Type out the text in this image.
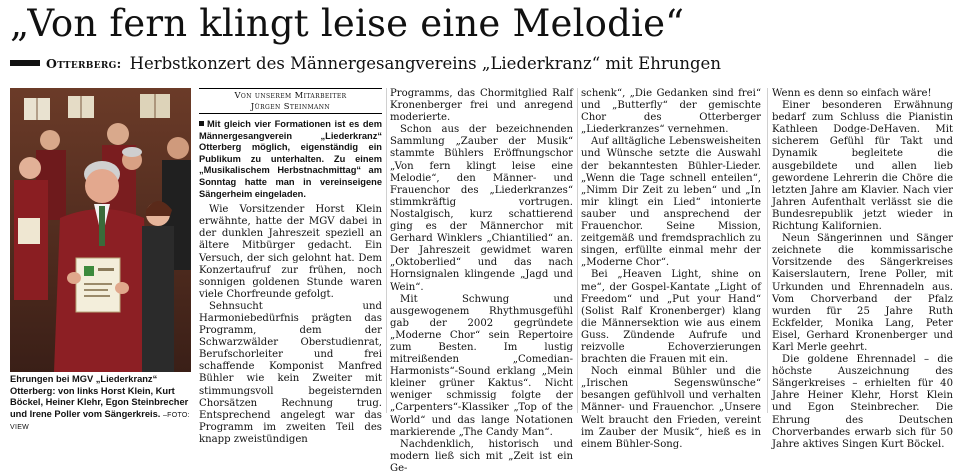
„Von fern klingt leise eine Melodie“
Otterberg: Herbstkonzert des Männergesangvereins „Liederkranz“ mit Ehrungen
Ehrungen bei MGV „Liederkranz“ Otterberg: von links Horst Klein, Kurt Böckel, Heiner Klehr, Egon Steinbrecher und Irene Poller vom Sängerkreis. –FOTO: VIEW
Von unserem Mitarbeiter
Jürgen Steinmann
Mit gleich vier Formationen ist es dem Männergesangverein „Liederkranz“ Otterberg möglich, eigenständig ein Publikum zu unterhalten. Zu einem „Musikalischem Herbstnachmittag“ am Sonntag hatte man in vereinseigene Sängerheim eingeladen.

Wie Vorsitzender Horst Klein erwähnte, hatte der MGV dabei in der dunklen Jahreszeit speziell an ältere Mitbürger gedacht. Ein Versuch, der sich gelohnt hat. Dem Konzertaufruf zur frühen, noch sonnigen goldenen Stunde waren viele Chorfreunde gefolgt.

Sehnsucht und Harmoniebedürfnis prägten das Programm, dem der Schwarzwälder Oberstudienrat, Berufschorleiter und frei schaffende Komponist Manfred Bühler wie kein Zweiter mit stimmungsvoll begeisternden Chorsätzen Rechnung trug. Entsprechend angelegt war das Programm im zweiten Teil des knapp zweistündigen

Programms, das Chormitglied Ralf Kronenberger frei und anregend moderierte.

Schon aus der bezeichnenden Sammlung „Zauber der Musik“ stammte Bühlers Eröffnungschor „Von fern klingt leise eine Melodie“, den Männer- und Frauenchor des „Liederkranzes“ stimmkräftig vortrugen. Nostalgisch, kurz schattierend ging es der Männerchor mit Gerhard Winklers „Chiantilied“ an. Der Jahreszeit gewidmet waren „Oktoberlied“ und das nach Hornsignalen klingende „Jagd und Wein“.

Mit Schwung und ausgewogenem Rhythmusgefühl gab der 2002 gegründete „Moderne Chor“ sein Repertoire zum Besten. Im lustig mitreißenden „Comedian-Harmonists“-Sound erklang „Mein kleiner grüner Kaktus“. Nicht weniger schmissig folgte der „Carpenters“-Klassiker „Top of the World“ und das lange Notationen markierende „The Candy Man“.

Nachdenklich, historisch und modern ließ sich mit „Zeit ist ein Ge-

schenk“, „Die Gedanken sind frei“ und „Butterfly“ der gemischte Chor des Otterberger „Liederkranzes“ vernehmen.

Auf alltägliche Lebensweisheiten und Wünsche setzte die Auswahl der bekanntesten Bühler-Lieder. „Wenn die Tage schnell enteilen“, „Nimm Dir Zeit zu leben“ und „In mir klingt ein Lied“ intonierte sauber und ansprechend der Frauenchor. Seine Mission, zeitgemäß und fremdsprachlich zu singen, erfüllte einmal mehr der „Moderne Chor“.

Bei „Heaven Light, shine on me“, der Gospel-Kantate „Light of Freedom“ und „Put your Hand“ (Solist Ralf Kronenberger) klang die Männersektion wie aus einem Guss. Zündende Aufrufe und reizvolle Echoverzierungen brachten die Frauen mit ein.

Noch einmal Bühler und die „Irischen Segenswünsche“ besangen gefühlvoll und verhalten Männer- und Frauenchor. „Unsere Welt braucht den Frieden, vereint im Zauber der Musik“, hieß es in einem Bühler-Song.

Wenn es denn so einfach wäre!

Einer besonderen Erwähnung bedarf zum Schluss die Pianistin Kathleen Dodge-DeHaven. Mit sicherem Gefühl für Takt und Dynamik begleitete die ausgebildete und allen lieb gewordene Lehrerin die Chöre die letzten Jahre am Klavier. Nach vier Jahren Aufenthalt verlässt sie die Bundesrepublik jetzt wieder in Richtung Kalifornien.

Neun Sängerinnen und Sänger zeichnete die kommissarische Vorsitzende des Sängerkreises Kaiserslautern, Irene Poller, mit Urkunden und Ehrennadeln aus. Vom Chorverband der Pfalz wurden für 25 Jahre Ruth Eckfelder, Monika Lang, Peter Eisel, Gerhard Kronenberger und Karl Merle geehrt.

Die goldene Ehrennadel – die höchste Auszeichnung des Sängerkreises – erhielten für 40 Jahre Heiner Klehr, Horst Klein und Egon Steinbrecher. Die Ehrung des Deutschen Chorverbandes erwarb sich für 50 Jahre aktives Singen Kurt Böckel.
